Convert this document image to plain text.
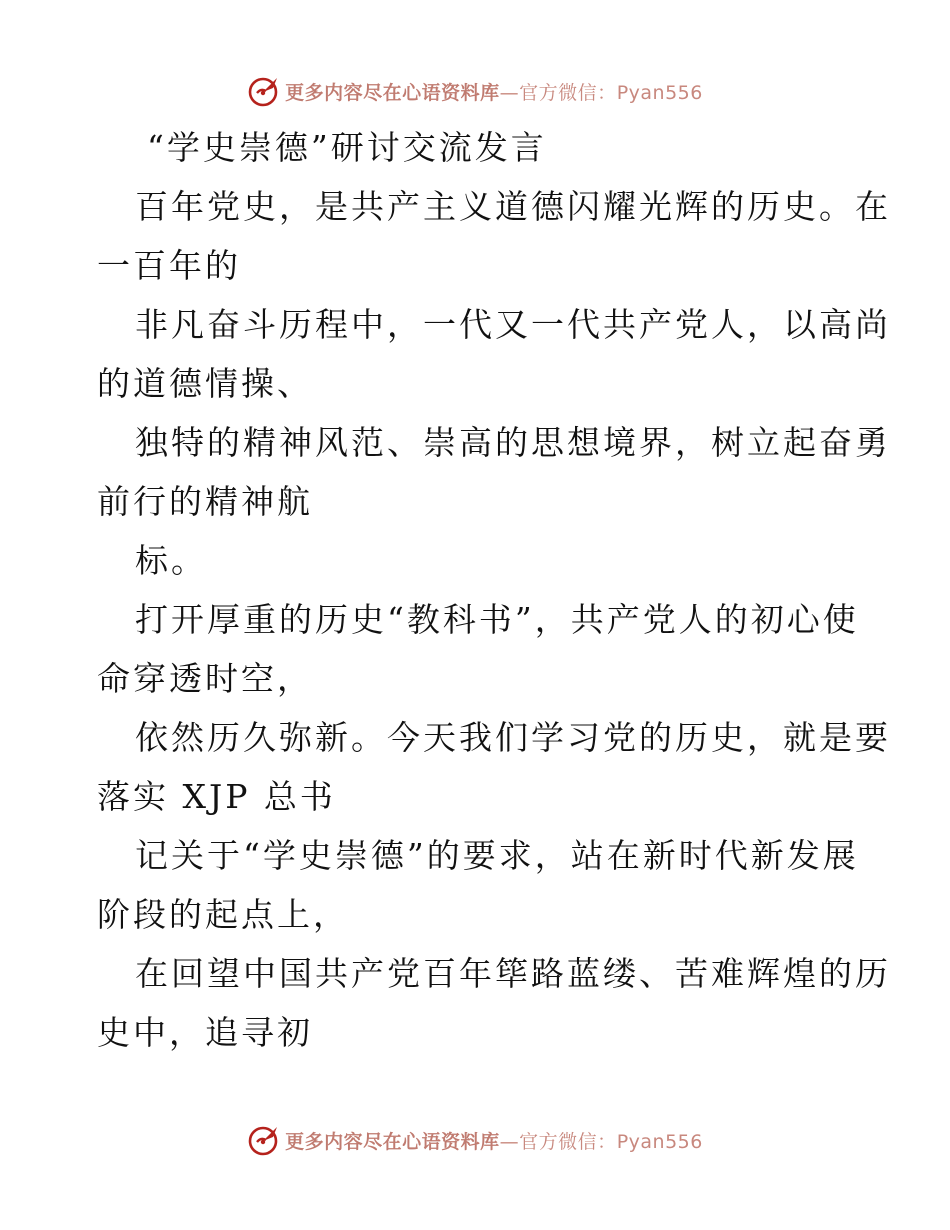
更多内容尽在心语资料库—官方微信：Pyan556
“学史崇德”研讨交流发言
百年党史，是共产主义道德闪耀光辉的历史。在
一百年的
非凡奋斗历程中，一代又一代共产党人，以高尚
的道德情操、
独特的精神风范、崇高的思想境界，树立起奋勇
前行的精神航
标。
打开厚重的历史“教科书”，共产党人的初心使
命穿透时空，
依然历久弥新。今天我们学习党的历史，就是要
落实 XJP 总书
记关于“学史崇德”的要求，站在新时代新发展
阶段的起点上，
在回望中国共产党百年筚路蓝缕、苦难辉煌的历
史中，追寻初
更多内容尽在心语资料库—官方微信：Pyan556
